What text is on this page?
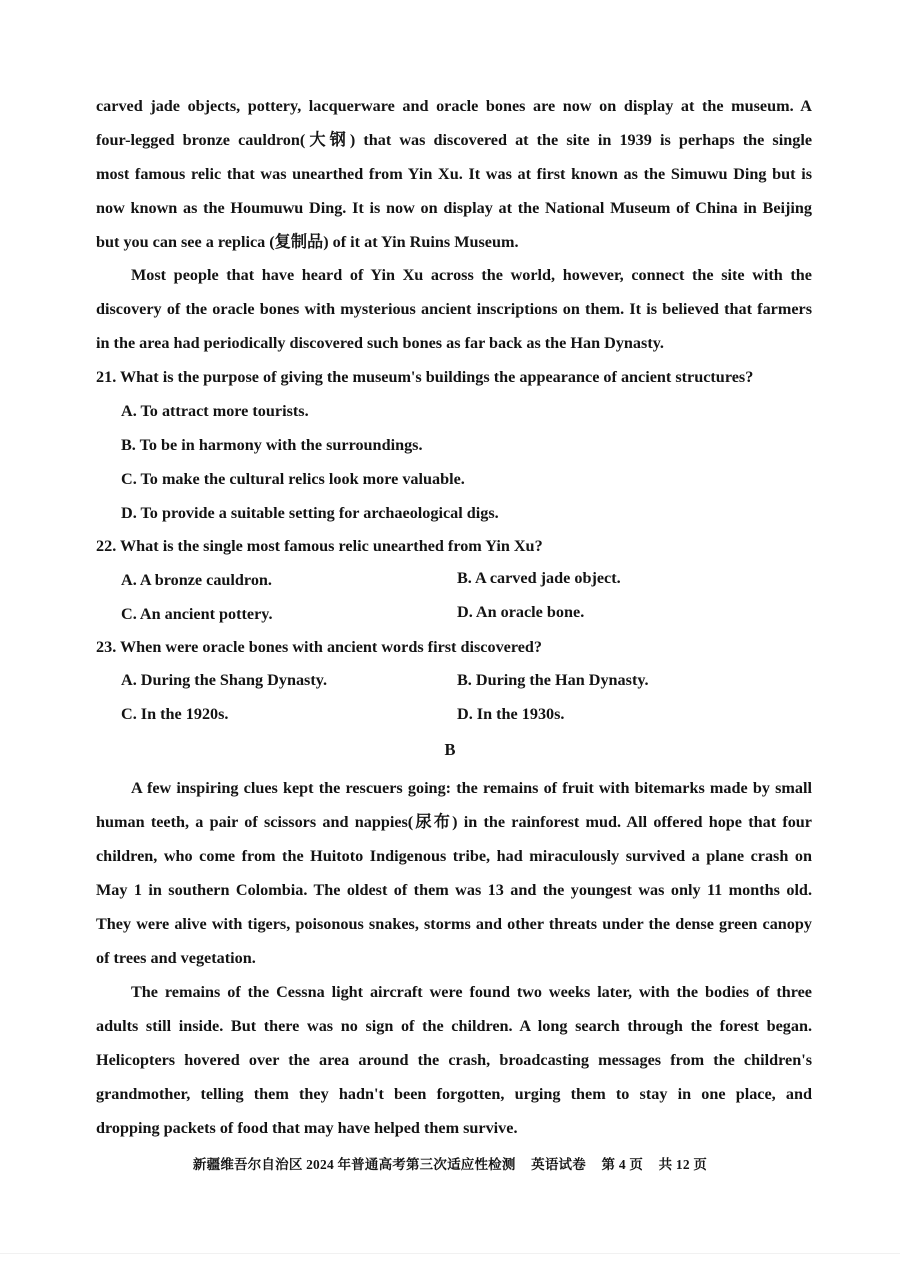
carved jade objects, pottery, lacquerware and oracle bones are now on display at the museum. A
four-legged bronze cauldron(大钢) that was discovered at the site in 1939 is perhaps the single
most famous relic that was unearthed from Yin Xu. It was at first known as the Simuwu Ding but is
now known as the Houmuwu Ding. It is now on display at the National Museum of China in Beijing
but you can see a replica (复制品) of it at Yin Ruins Museum.
Most people that have heard of Yin Xu across the world, however, connect the site with the
discovery of the oracle bones with mysterious ancient inscriptions on them. It is believed that farmers
in the area had periodically discovered such bones as far back as the Han Dynasty.
21. What is the purpose of giving the museum's buildings the appearance of ancient structures?
A. To attract more tourists.
B. To be in harmony with the surroundings.
C. To make the cultural relics look more valuable.
D. To provide a suitable setting for archaeological digs.
22. What is the single most famous relic unearthed from Yin Xu?
A. A bronze cauldron.	B. A carved jade object.
C. An ancient pottery.	D. An oracle bone.
23. When were oracle bones with ancient words first discovered?
A. During the Shang Dynasty.	B. During the Han Dynasty.
C. In the 1920s.	D. In the 1930s.
B
A few inspiring clues kept the rescuers going: the remains of fruit with bitemarks made by small
human teeth, a pair of scissors and nappies(尿布) in the rainforest mud. All offered hope that four
children, who come from the Huitoto Indigenous tribe, had miraculously survived a plane crash on
May 1 in southern Colombia. The oldest of them was 13 and the youngest was only 11 months old.
They were alive with tigers, poisonous snakes, storms and other threats under the dense green canopy
of trees and vegetation.
The remains of the Cessna light aircraft were found two weeks later, with the bodies of three
adults still inside. But there was no sign of the children. A long search through the forest began.
Helicopters hovered over the area around the crash, broadcasting messages from the children's
grandmother, telling them they hadn't been forgotten, urging them to stay in one place, and
dropping packets of food that may have helped them survive.
新疆维吾尔自治区 2024 年普通高考第三次适应性检测 英语试卷 第 4 页 共 12 页
